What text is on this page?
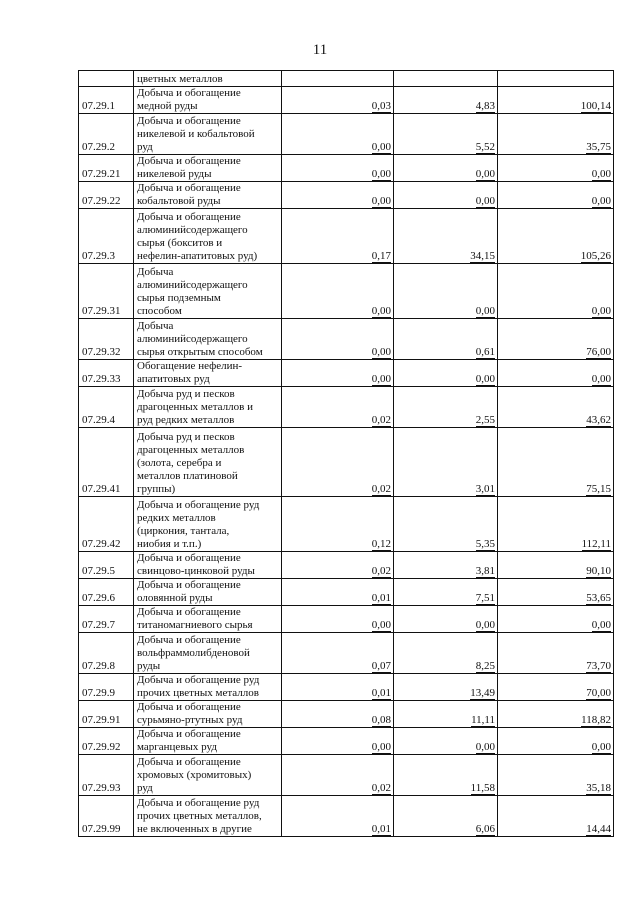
11

	цветных металлов			

07.29.1	Добыча и обогащение
медной руды	0,03	4,83	100,14
07.29.2	Добыча и обогащение
никелевой и кобальтовой
руд	0,00	5,52	35,75
07.29.21	Добыча и обогащение
никелевой руды	0,00	0,00	0,00
07.29.22	Добыча и обогащение
кобальтовой руды	0,00	0,00	0,00
07.29.3	Добыча и обогащение
алюминийсодержащего
сырья (бокситов и
нефелин-апатитовых руд)	0,17	34,15	105,26
07.29.31	Добыча
алюминийсодержащего
сырья подземным
способом	0,00	0,00	0,00
07.29.32	Добыча
алюминийсодержащего
сырья открытым способом	0,00	0,61	76,00
07.29.33	Обогащение нефелин-
апатитовых руд	0,00	0,00	0,00
07.29.4	Добыча руд и песков
драгоценных металлов и
руд редких металлов	0,02	2,55	43,62
07.29.41	Добыча руд и песков
драгоценных металлов
(золота, серебра и
металлов платиновой
группы)	0,02	3,01	75,15
07.29.42	Добыча и обогащение руд
редких металлов
(циркония, тантала,
ниобия и т.п.)	0,12	5,35	112,11
07.29.5	Добыча и обогащение
свинцово-цинковой руды	0,02	3,81	90,10
07.29.6	Добыча и обогащение
оловянной руды	0,01	7,51	53,65
07.29.7	Добыча и обогащение
титаномагниевого сырья	0,00	0,00	0,00
07.29.8	Добыча и обогащение
вольфраммолибденовой
руды	0,07	8,25	73,70
07.29.9	Добыча и обогащение руд
прочих цветных металлов	0,01	13,49	70,00
07.29.91	Добыча и обогащение
сурьмяно-ртутных руд	0,08	11,11	118,82
07.29.92	Добыча и обогащение
марганцевых руд	0,00	0,00	0,00
07.29.93	Добыча и обогащение
хромовых (хромитовых)
руд	0,02	11,58	35,18
07.29.99	Добыча и обогащение руд
прочих цветных металлов,
не включенных в другие	0,01	6,06	14,44
